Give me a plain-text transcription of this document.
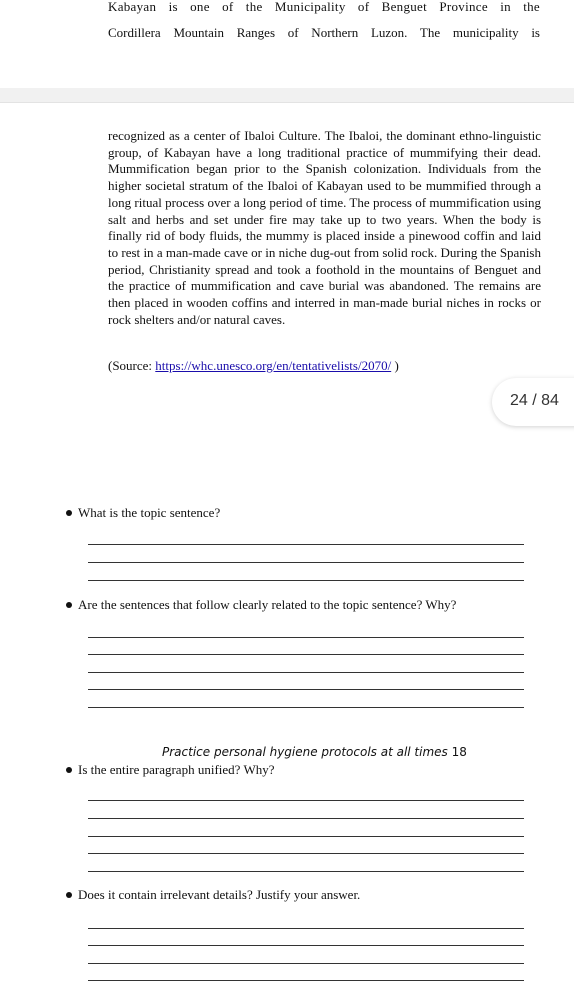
Kabayan is one of the Municipality of Benguet Province in the
Cordillera Mountain Ranges of Northern Luzon. The municipality is
recognized as a center of Ibaloi Culture. The Ibaloi, the dominant ethno-linguistic group, of Kabayan have a long traditional practice of mummifying their dead. Mummification began prior to the Spanish colonization. Individuals from the higher societal stratum of the Ibaloi of Kabayan used to be mummified through a long ritual process over a long period of time. The process of mummification using salt and herbs and set under fire may take up to two years. When the body is finally rid of body fluids, the mummy is placed inside a pinewood coffin and laid to rest in a man-made cave or in niche dug-out from solid rock. During the Spanish period, Christianity spread and took a foothold in the mountains of Benguet and the practice of mummification and cave burial was abandoned. The remains are then placed in wooden coffins and interred in man-made burial niches in rocks or rock shelters and/or natural caves.
(Source: https://whc.unesco.org/en/tentativelists/2070/ )
24 / 84
What is the topic sentence?
Are the sentences that follow clearly related to the topic sentence? Why?
Practice personal hygiene protocols at all times 18
Is the entire paragraph unified? Why?
Does it contain irrelevant details? Justify your answer.
